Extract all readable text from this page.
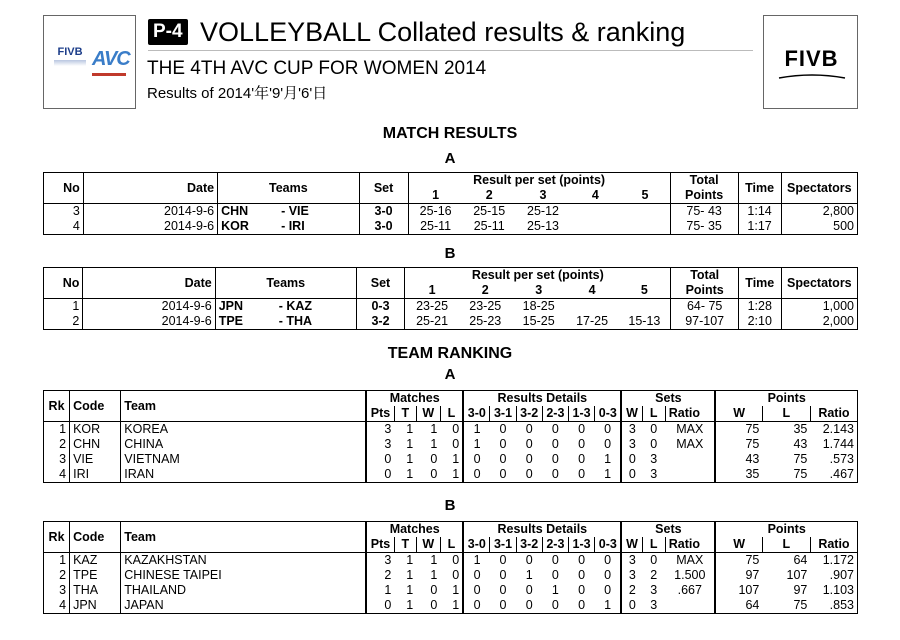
FIVB AVC
P-4 VOLLEYBALL Collated results & ranking
THE 4TH AVC CUP FOR WOMEN 2014
Results of 2014'年'9'月'6'日
FIVB
MATCH RESULTS
A
No	Date	Teams	Set	Result per set (points)					Total	Time	Spectators
				1	2	3	4	5	Points		
3	2014-9-6	CHN - VIE	3-0	25-16	25-15	25-12			75- 43	1:14	2,800
4	2014-9-6	KOR - IRI	3-0	25-11	25-11	25-13			75- 35	1:17	500
B
No	Date	Teams	Set	Result per set (points)					Total	Time	Spectators
				1	2	3	4	5	Points		
1	2014-9-6	JPN - KAZ	0-3	23-25	23-25	18-25			64- 75	1:28	1,000
2	2014-9-6	TPE - THA	3-2	25-21	25-23	15-25	17-25	15-13	97-107	2:10	2,000
TEAM RANKING
A
Rk	Code	Team	Matches				Results Details						Sets			Points		
			Pts	T	W	L	3-0	3-1	3-2	2-3	1-3	0-3	W	L	Ratio	W	L	Ratio
1	KOR	KOREA	3	1	1	0	1	0	0	0	0	0	3	0	MAX	75	35	2.143
2	CHN	CHINA	3	1	1	0	1	0	0	0	0	0	3	0	MAX	75	43	1.744
3	VIE	VIETNAM	0	1	0	1	0	0	0	0	0	1	0	3		43	75	.573
4	IRI	IRAN	0	1	0	1	0	0	0	0	0	1	0	3		35	75	.467
B
Rk	Code	Team	Matches				Results Details						Sets			Points		
			Pts	T	W	L	3-0	3-1	3-2	2-3	1-3	0-3	W	L	Ratio	W	L	Ratio
1	KAZ	KAZAKHSTAN	3	1	1	0	1	0	0	0	0	0	3	0	MAX	75	64	1.172
2	TPE	CHINESE TAIPEI	2	1	1	0	0	0	1	0	0	0	3	2	1.500	97	107	.907
3	THA	THAILAND	1	1	0	1	0	0	0	1	0	0	2	3	.667	107	97	1.103
4	JPN	JAPAN	0	1	0	1	0	0	0	0	0	1	0	3		64	75	.853
